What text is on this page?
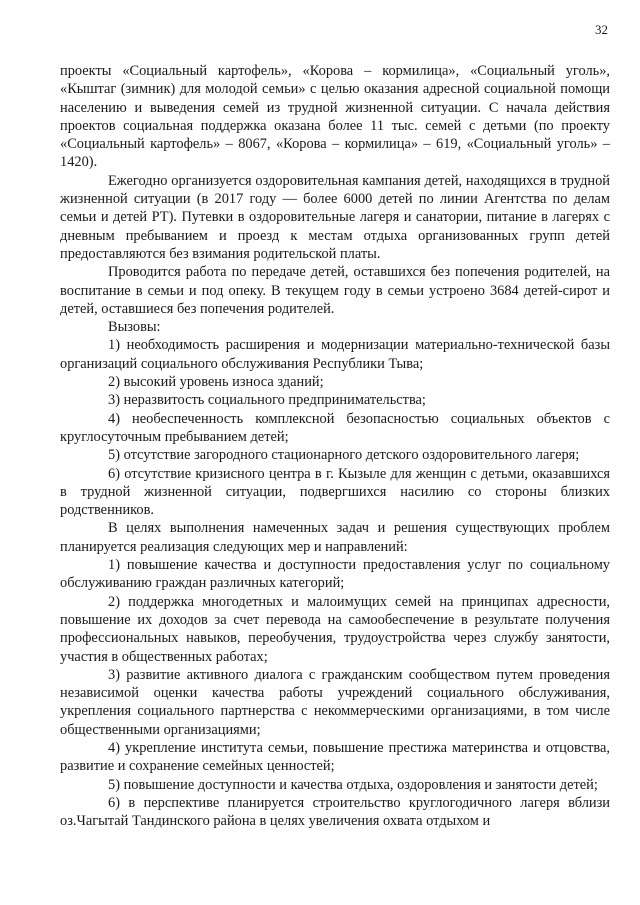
32

проекты «Социальный картофель», «Корова – кормилица», «Социальный уголь», «Кыштаг (зимник) для молодой семьи» с целью оказания адресной социальной помощи населению и выведения семей из трудной жизненной ситуации. С начала действия проектов социальная поддержка оказана более 11 тыс. семей с детьми (по проекту «Социальный картофель» – 8067, «Корова – кормилица» – 619, «Социальный уголь» – 1420).

Ежегодно организуется оздоровительная кампания детей, находящихся в трудной жизненной ситуации (в 2017 году — более 6000 детей по линии Агентства по делам семьи и детей РТ). Путевки в оздоровительные лагеря и санатории, питание в лагерях с дневным пребыванием и проезд к местам отдыха организованных групп детей предоставляются без взимания родительской платы.

Проводится работа по передаче детей, оставшихся без попечения родителей, на воспитание в семьи и под опеку. В текущем году в семьи устроено 3684 детей-сирот и детей, оставшиеся без попечения родителей.

Вызовы:

1) необходимость расширения и модернизации материально-технической базы организаций социального обслуживания Республики Тыва;

2) высокий уровень износа зданий;

3) неразвитость социального предпринимательства;

4) необеспеченность комплексной безопасностью социальных объектов с круглосуточным пребыванием детей;

5) отсутствие загородного стационарного детского оздоровительного лагеря;

6) отсутствие кризисного центра в г. Кызыле для женщин с детьми, оказавшихся в трудной жизненной ситуации, подвергшихся насилию со стороны близких родственников.

В целях выполнения намеченных задач и решения существующих проблем планируется реализация следующих мер и направлений:

1) повышение качества и доступности предоставления услуг по социальному обслуживанию граждан различных категорий;

2) поддержка многодетных и малоимущих семей на принципах адресности, повышение их доходов за счет перевода на самообеспечение в результате получения профессиональных навыков, переобучения, трудоустройства через службу занятости, участия в общественных работах;

3) развитие активного диалога с гражданским сообществом путем проведения независимой оценки качества работы учреждений социального обслуживания, укрепления социального партнерства с некоммерческими организациями, в том числе общественными организациями;

4) укрепление института семьи, повышение престижа материнства и отцовства, развитие и сохранение семейных ценностей;

5) повышение доступности и качества отдыха, оздоровления и занятости детей;

6) в перспективе планируется строительство круглогодичного лагеря вблизи оз.Чагытай Тандинского района в целях увеличения охвата отдыхом и
